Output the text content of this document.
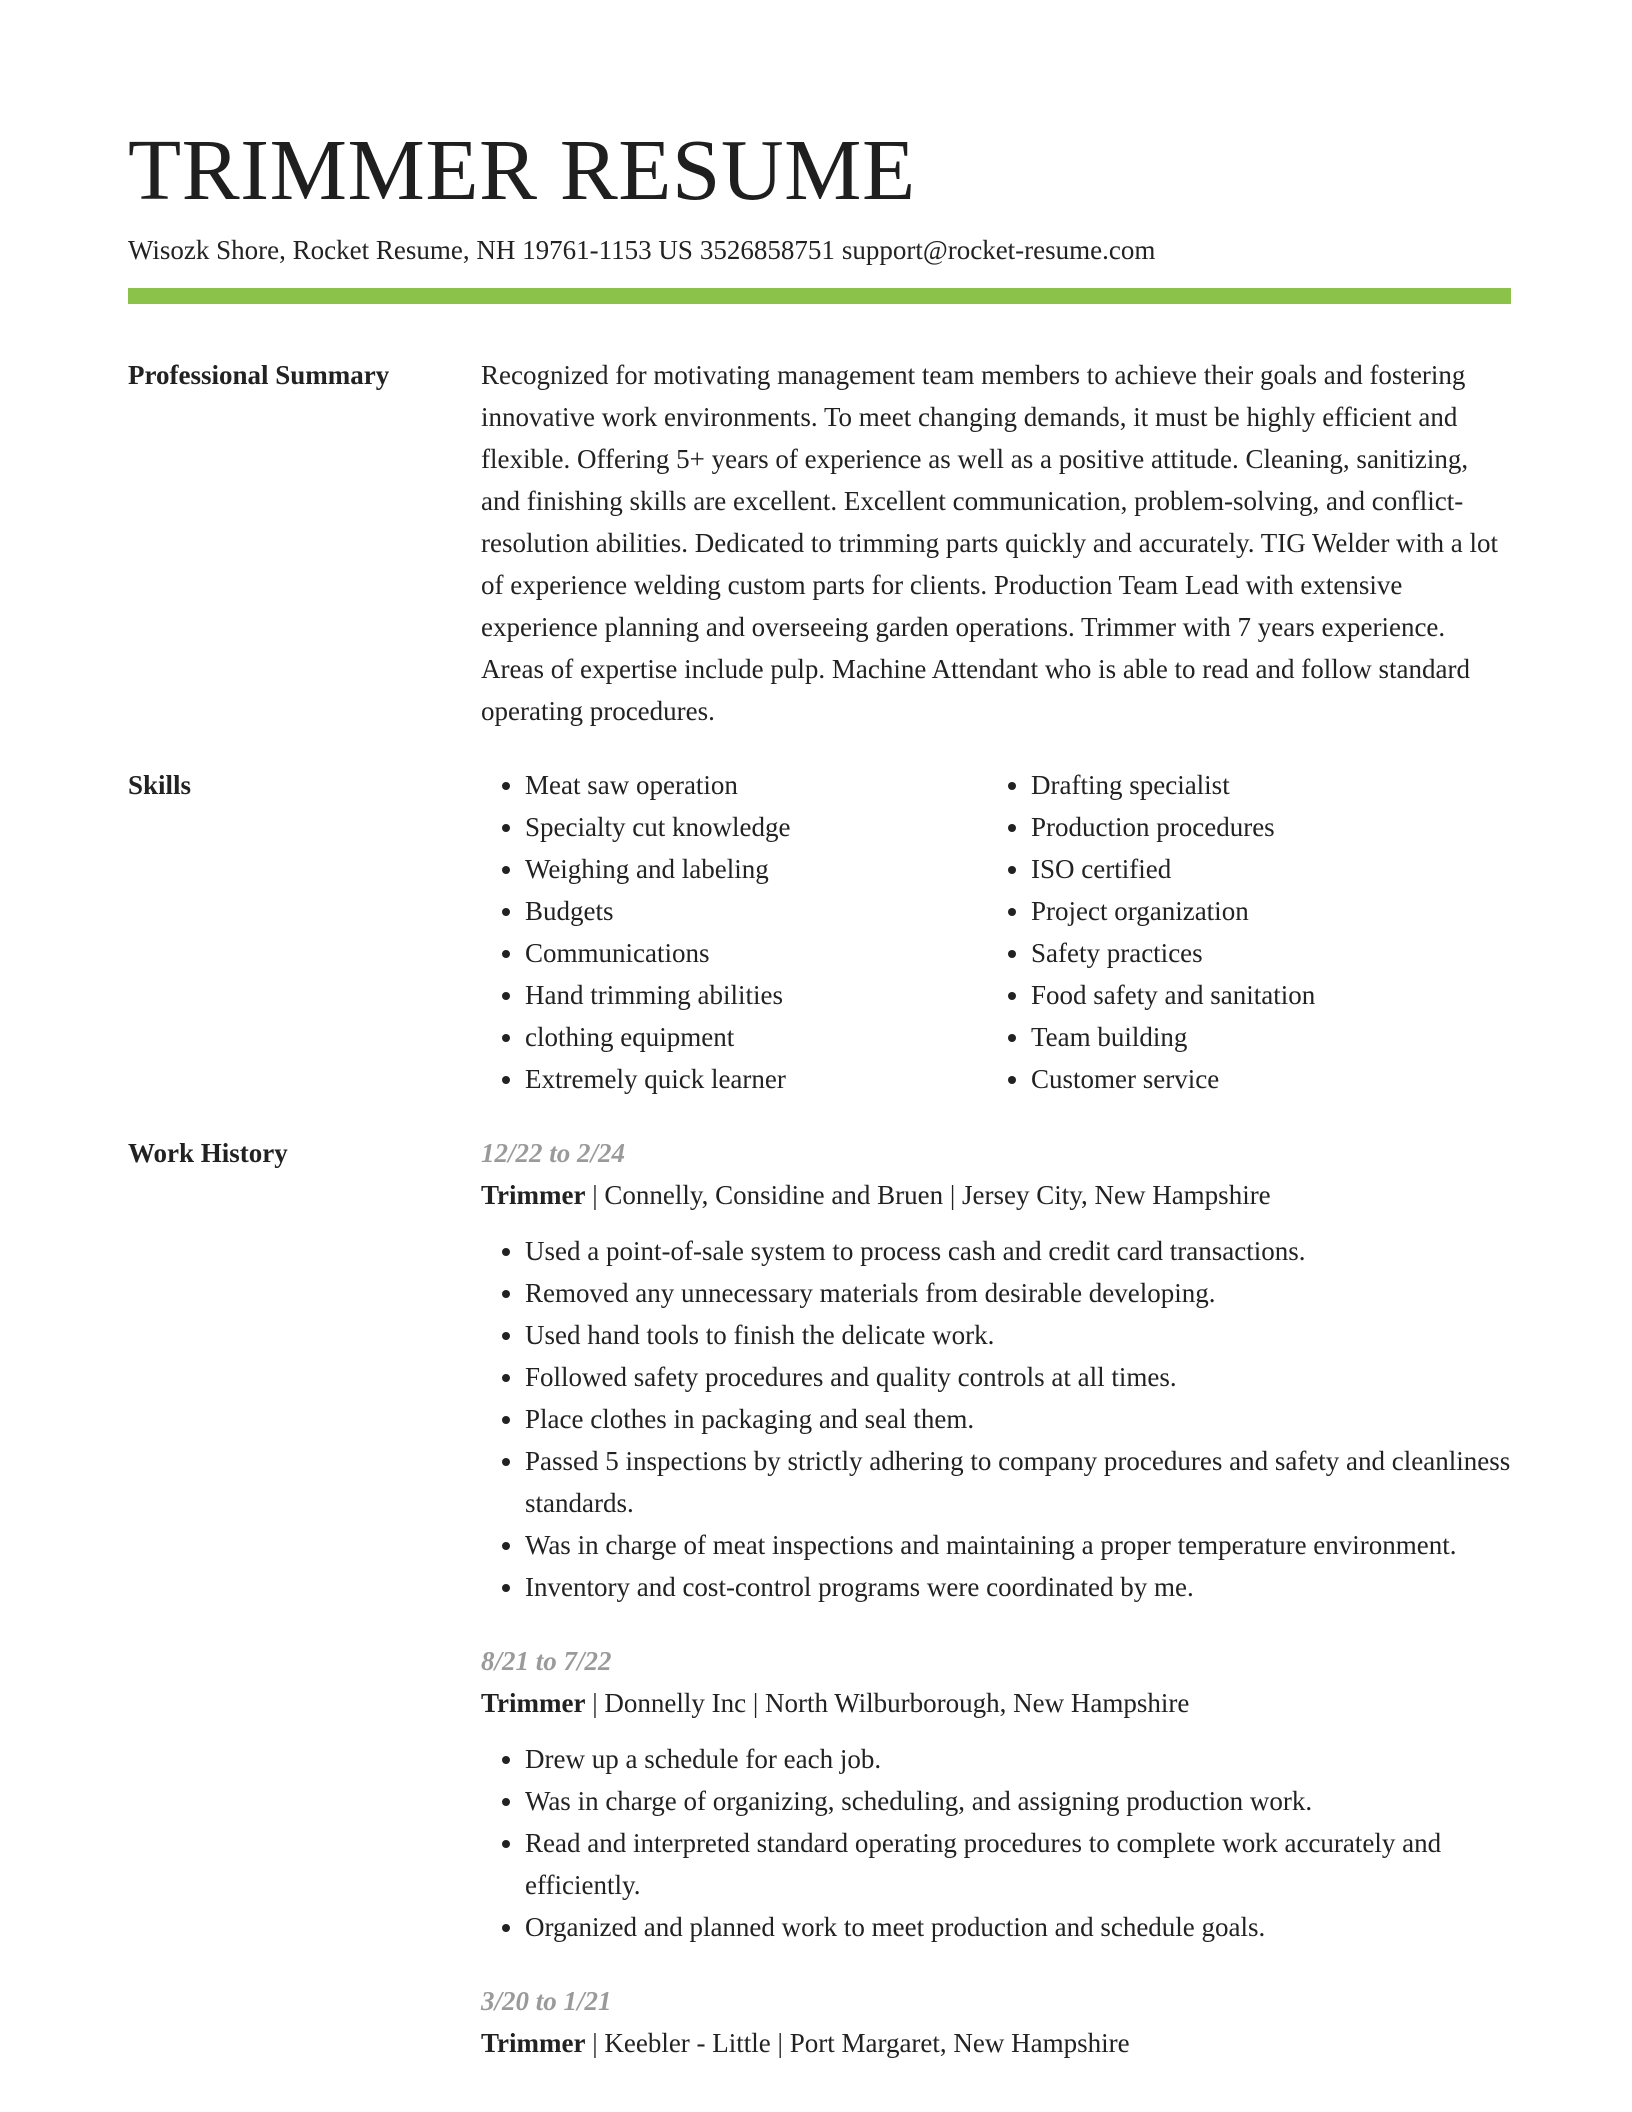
TRIMMER RESUME
Wisozk Shore, Rocket Resume, NH 19761-1153 US 3526858751 support@rocket-resume.com
Professional Summary	Recognized for motivating management team members to achieve their goals and fostering innovative work environments. To meet changing demands, it must be highly efficient and flexible. Offering 5+ years of experience as well as a positive attitude. Cleaning, sanitizing, and finishing skills are excellent. Excellent communication, problem-solving, and conflict-resolution abilities. Dedicated to trimming parts quickly and accurately. TIG Welder with a lot of experience welding custom parts for clients. Production Team Lead with extensive experience planning and overseeing garden operations. Trimmer with 7 years experience. Areas of expertise include pulp. Machine Attendant who is able to read and follow standard operating procedures.

Skills
•	Meat saw operation
• Specialty cut knowledge
• Weighing and labeling
• Budgets
• Communications
• Hand trimming abilities
• clothing equipment
• Extremely quick learner
• Drafting specialist
• Production procedures
• ISO certified
• Project organization
• Safety practices
• Food safety and sanitation
• Team building
• Customer service
Work History	12/22 to 2/24
Trimmer | Connelly, Considine and Bruen | Jersey City, New Hampshire
• Used a point-of-sale system to process cash and credit card transactions.
• Removed any unnecessary materials from desirable developing.
• Used hand tools to finish the delicate work.
• Followed safety procedures and quality controls at all times.
• Place clothes in packaging and seal them.
• Passed 5 inspections by strictly adhering to company procedures and safety and cleanliness standards.
• Was in charge of meat inspections and maintaining a proper temperature environment.
• Inventory and cost-control programs were coordinated by me.
8/21 to 7/22
Trimmer | Donnelly Inc | North Wilburborough, New Hampshire
• Drew up a schedule for each job.
• Was in charge of organizing, scheduling, and assigning production work.
• Read and interpreted standard operating procedures to complete work accurately and efficiently.
• Organized and planned work to meet production and schedule goals.
3/20 to 1/21
Trimmer | Keebler - Little | Port Margaret, New Hampshire
